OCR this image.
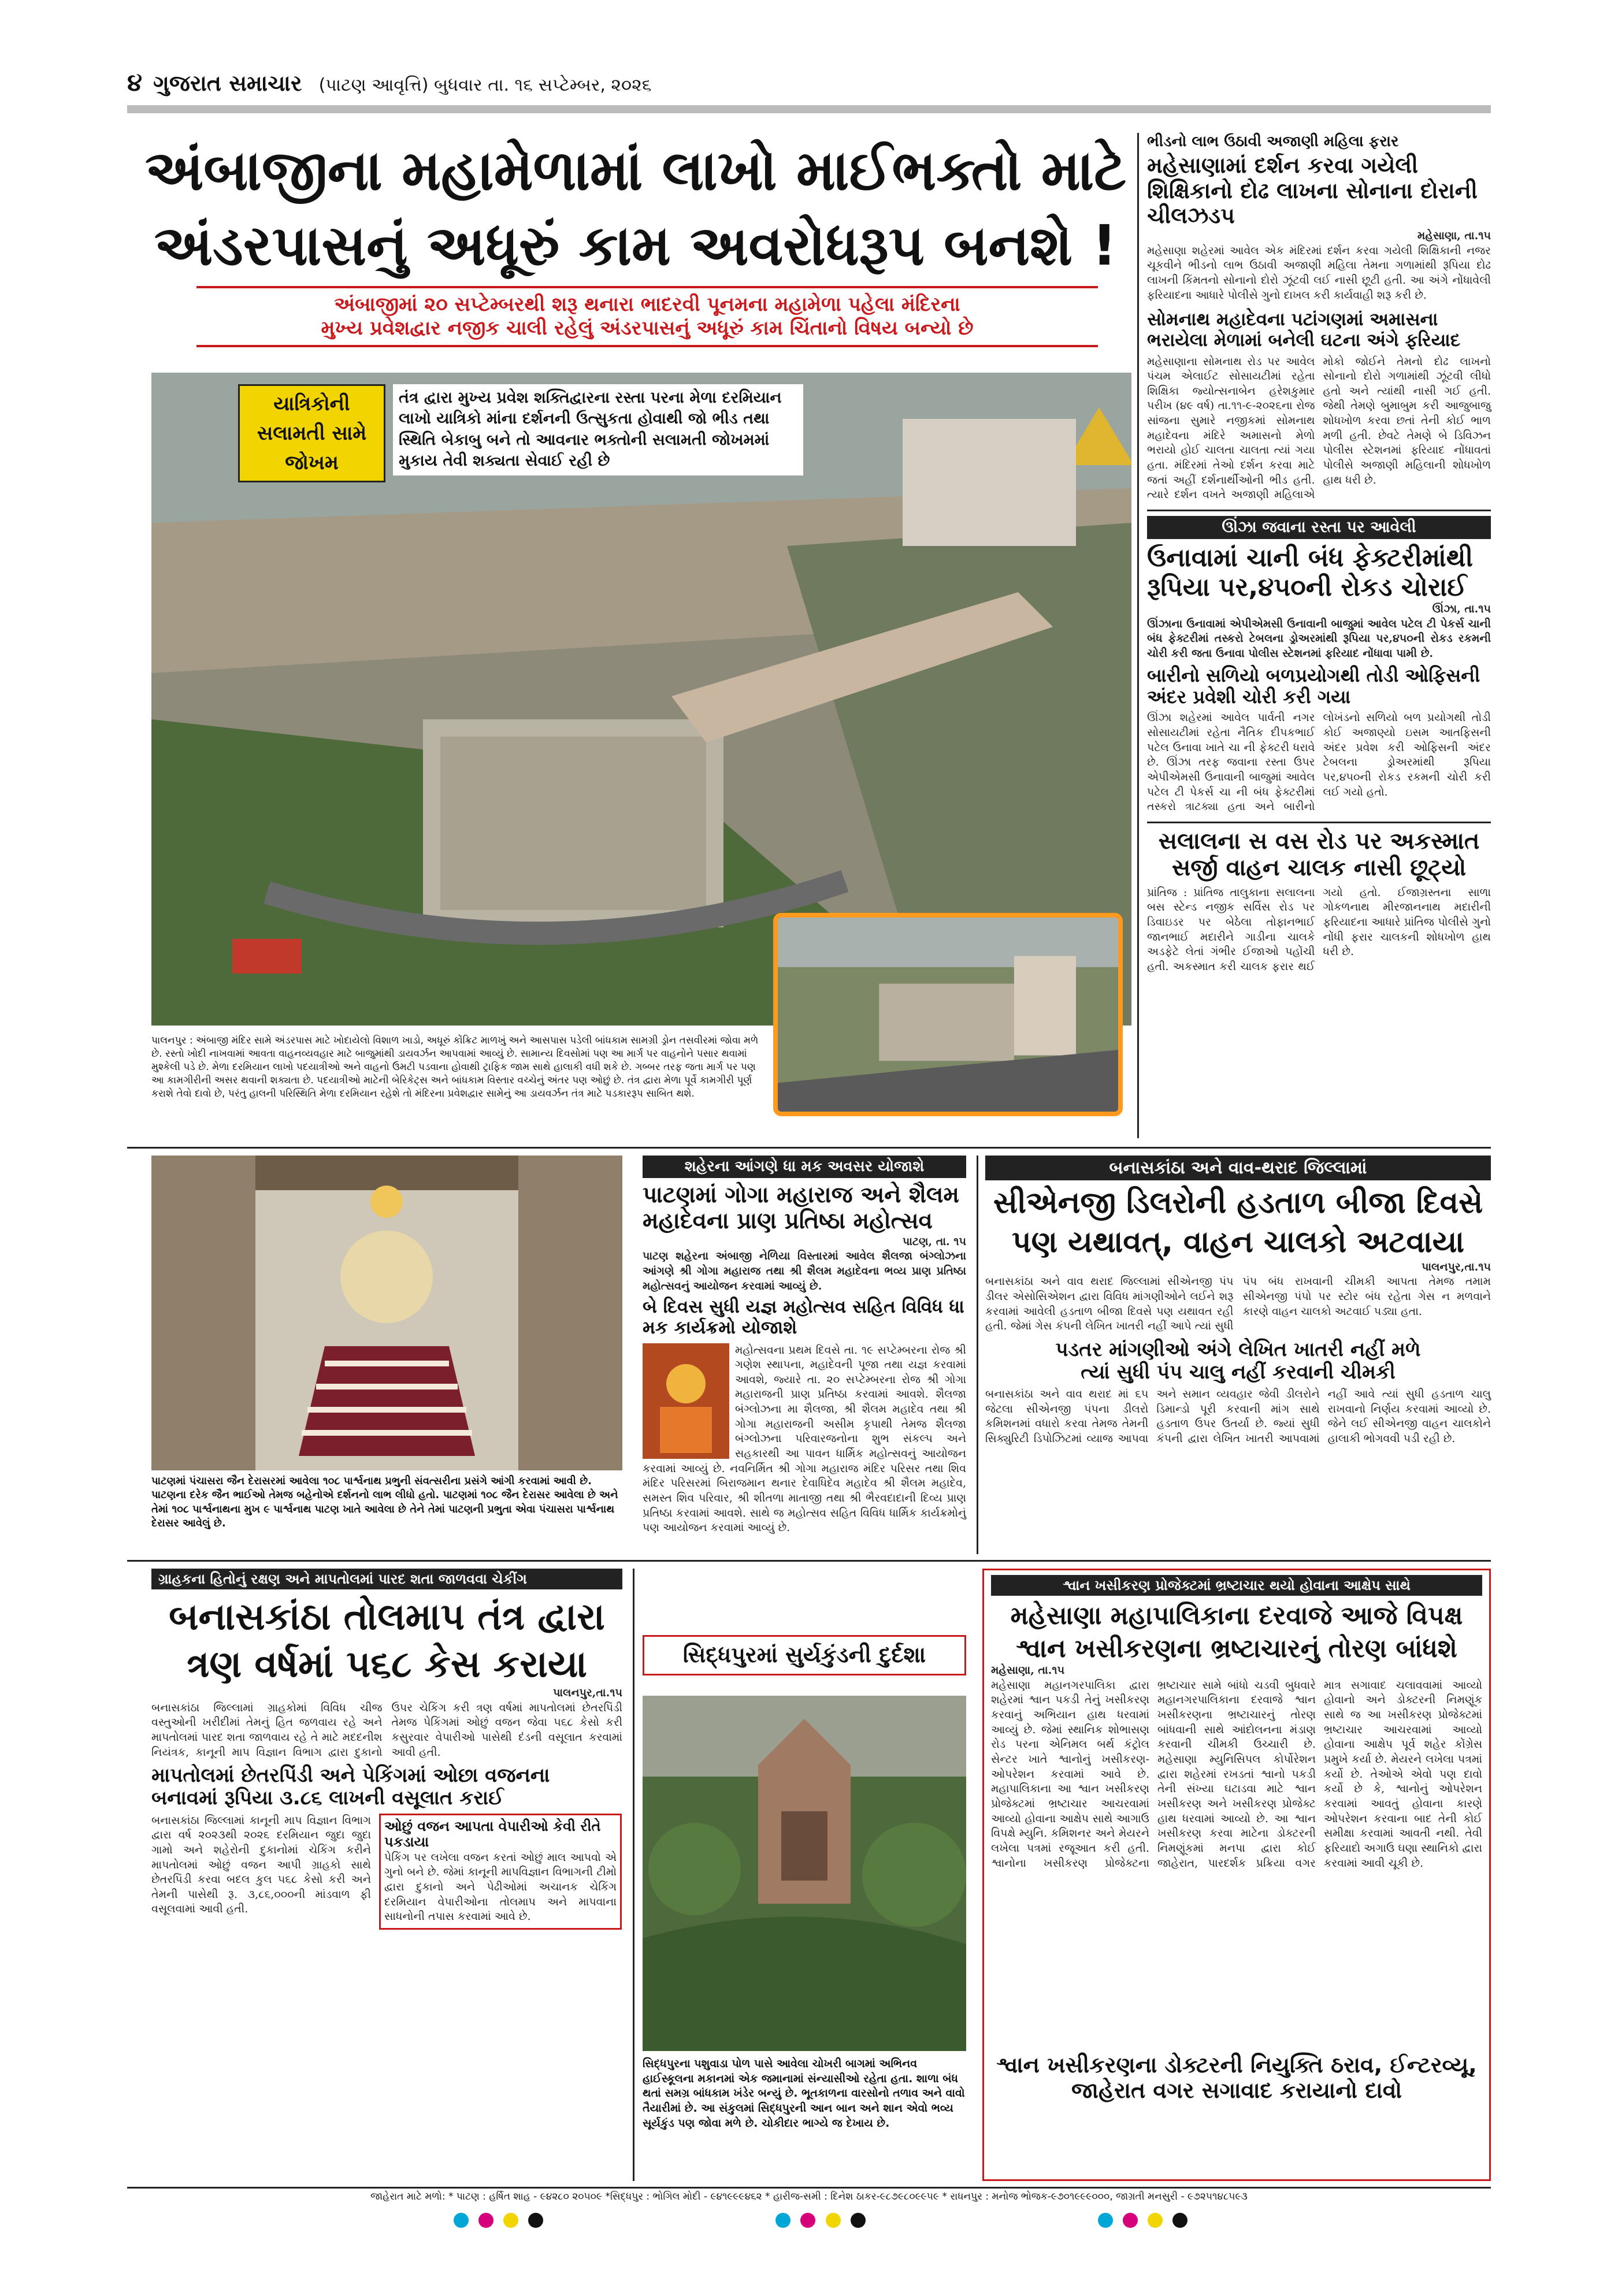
૪ ગુજરાત સમાચાર (પાટણ આવૃત્તિ) બુધવાર તા. ૧૬ સપ્ટેમ્બર, ૨૦૨૬
અંબાજીના મહામેળામાં લાખો માઈભક્તો માટે
અંડરપાસનું અધૂરું કામ અવરોધરૂપ બનશે !
અંબાજીમાં ૨૦ સપ્ટેમ્બરથી શરૂ થનારા ભાદરવી પૂનમના મહામેળા પહેલા મંદિરના
મુખ્ય પ્રવેશદ્વાર નજીક ચાલી રહેલું અંડરપાસનું અધૂરું કામ ચિંતાનો વિષય બન્યો છે
યાત્રિકોની સલામતી સામે જોખમ
તંત્ર દ્વારા મુખ્ય પ્રવેશ શક્તિદ્વારના રસ્તા પરના મેળા દરમિયાન લાખો યાત્રિકો માંના દર્શનની ઉત્સુકતા હોવાથી જો ભીડ તથા સ્થિતિ બેકાબુ બને તો આવનાર ભક્તોની સલામતી જોખમમાં મુકાય તેવી શક્યતા સેવાઈ રહી છે
પાલનપુર : અંબાજી મંદિર સામે અંડરપાસ માટે ખોદાયેલો વિશાળ ખાડો, અધૂરું કોંક્રિટ માળખું અને આસપાસ પડેલી બાંધકામ સામગ્રી ડ્રોન તસવીરમાં જોવા મળે છે. રસ્તો ખોદી નાખવામાં આવતા વાહનવ્યવહાર માટે બાજુમાંથી ડાયવર્ઝન આપવામાં આવ્યું છે. સામાન્ય દિવસોમાં પણ આ માર્ગ પર વાહનોને પસાર થવામાં મુશ્કેલી પડે છે. મેળા દરમિયાન લાખો પદયાત્રીઓ અને વાહનો ઉમટી પડવાના હોવાથી ટ્રાફિક જામ સાથે હાલાકી વધી શકે છે. ગબ્બર તરફ જતા માર્ગ પર પણ આ કામગીરીની અસર થવાની શક્યતા છે. પદયાત્રીઓ માટેની બેરિકેટ્સ અને બાંધકામ વિસ્તાર વચ્ચેનું અંતર પણ ઓછું છે. તંત્ર દ્વારા મેળા પૂર્વે કામગીરી પૂર્ણ કરાશે તેવો દાવો છે, પરંતુ હાલની પરિસ્થિતિ મેળા દરમિયાન રહેશે તો મંદિરના પ્રવેશદ્વાર સામેનું આ ડાયવર્ઝન તંત્ર માટે પડકારરૂપ સાબિત થશે.
ભીડનો લાભ ઉઠાવી અજાણી મહિલા ફરાર
મહેસાણામાં દર્શન કરવા ગયેલી શિક્ષિકાનો દોઢ લાખના સોનાના દોરાની ચીલઝડપ
મહેસાણા, તા.૧૫
મહેસાણા શહેરમાં આવેલ એક મંદિરમાં દર્શન કરવા ગયેલી શિક્ષિકાની નજર ચૂકવીને ભીડનો લાભ ઉઠાવી અજાણી મહિલા તેમના ગળામાંથી રૂપિયા દોઢ લાખની કિંમતનો સોનાનો દોરો ઝૂંટવી લઈ નાસી છૂટી હતી. આ અંગે નોંધાવેલી ફરિયાદના આધારે પોલીસે ગુનો દાખલ કરી કાર્યવાહી શરૂ કરી છે.
સોમનાથ મહાદેવના પટાંગણમાં અમાસના ભરાયેલા મેળામાં બનેલી ઘટના અંગે ફરિયાદ
મહેસાણાના સોમનાથ રોડ પર આવેલ પંચમ એલાઈટ સોસાયટીમાં રહેતા શિક્ષિકા જ્યોત્સનાબેન હરેશકુમાર પરીખ (૪૯ વર્ષ) તા.૧૧-૯-૨૦૨૬ના રોજ સાંજના સુમારે નજીકમાં સોમનાથ મહાદેવના મંદિરે અમાસનો મેળો ભરાયો હોઈ ચાલતા ચાલતા ત્યાં ગયા હતા. મંદિરમાં તેઓ દર્શન કરવા માટે જતાં અહીં દર્શનાર્થીઓની ભીડ હતી. ત્યારે દર્શન વખતે અજાણી મહિલાએ મોકો જોઈને તેમનો દોઢ લાખનો સોનાનો દોરો ગળામાંથી ઝૂંટવી લીધો હતો અને ત્યાંથી નાસી ગઈ હતી. જેથી તેમણે બુમાબુમ કરી આજુબાજુ શોધખોળ કરવા છતાં તેની કોઈ ભાળ મળી હતી. છેવટે તેમણે બે ડિવિઝન પોલીસ સ્ટેશનમાં ફરિયાદ નોંધાવતાં પોલીસે અજાણી મહિલાની શોધખોળ હાથ ધરી છે.
ઊંઝા જવાના રસ્તા પર આવેલી
ઉનાવામાં ચાની બંધ ફેક્ટરીમાંથી રૂપિયા પર,૪૫૦ની રોકડ ચોરાઈ
ઊંઝા, તા.૧૫
ઊંઝાના ઉનાવામાં એપીએમસી ઉનાવાની બાજુમાં આવેલ પટેલ ટી પેકર્સ ચાની બંધ ફેક્ટરીમાં તસ્કરો ટેબલના ડ્રોઅરમાંથી રૂપિયા પર,૪૫૦ની રોકડ રકમની ચોરી કરી જતા ઉનાવા પોલીસ સ્ટેશનમાં ફરિયાદ નોંધાવા પામી છે.
બારીનો સળિયો બળપ્રયોગથી તોડી ઓફિસની અંદર પ્રવેશી ચોરી કરી ગયા
ઊંઝા શહેરમાં આવેલ પાર્વતી નગર સોસાયટીમાં રહેતા નૈતિક દીપકભાઈ પટેલ ઉનાવા ખાતે ચા ની ફેક્ટરી ધરાવે છે. ઊંઝા તરફ જવાના રસ્તા ઉપર એપીએમસી ઉનાવાની બાજુમાં આવેલ પટેલ ટી પેકર્સ ચા ની બંધ ફેક્ટરીમાં તસ્કરો ત્રાટક્યા હતા અને બારીનો લોખંડનો સળિયો બળ પ્રયોગથી તોડી કોઈ અજાણ્યો ઇસમ આતફિસની અંદર પ્રવેશ કરી ઓફિસની અંદર ટેબલના ડ્રોઅરમાંથી રૂપિયા પર,૪૫૦ની રોકડ રકમની ચોરી કરી લઈ ગયો હતો.
સલાલના સ વસ રોડ પર અકસ્માત સર્જી વાહન ચાલક નાસી છૂટ્યો
પ્રાંતિજ : પ્રાંતિજ તાલુકાના સલાલના બસ સ્ટેન્ડ નજીક સર્વિસ રોડ પર ડિવાઇડર પર બેઠેલા તોફાનભાઈ જાનભાઈ મદારીને ગાડીના ચાલકે અડફેટે લેતાં ગંભીર ઈજાઓ પહોંચી હતી. અકસ્માત કરી ચાલક ફરાર થઈ ગયો હતો. ઈજાગ્રસ્તના સાળા ગોકળનાથ મીરજાનનાથ મદારીની ફરિયાદના આધારે પ્રાંતિજ પોલીસે ગુનો નોંધી ફરાર ચાલકની શોધખોળ હાથ ધરી છે.
પાટણમાં પંચાસરા જૈન દેરાસરમાં આવેલા ૧૦૮ પાર્શ્વનાથ પ્રભુની સંવત્સરીના પ્રસંગે આંગી કરવામાં આવી છે. પાટણના દરેક જૈન ભાઈઓ તેમજ બહેનોએ દર્શનનો લાભ લીધો હતો. પાટણમાં ૧૦૮ જૈન દેરાસર આવેલા છે અને તેમાં ૧૦૮ પાર્શ્વનાથના મુખ ૯ પાર્શ્વનાથ પાટણ ખાતે આવેલા છે તેને તેમાં પાટણની પ્રભુતા એવા પંચાસરા પાર્શ્વનાથ દેરાસર આવેલું છે.
શહેરના આંગણે ધા મક અવસર યોજાશે
પાટણમાં ગોગા મહારાજ અને શૈલમ મહાદેવના પ્રાણ પ્રતિષ્ઠા મહોત્સવ
પાટણ, તા. ૧૫
પાટણ શહેરના અંબાજી નેળિયા વિસ્તારમાં આવેલ શૈલજા બંગ્લોઝના આંગણે શ્રી ગોગા મહારાજ તથા શ્રી શૈલમ મહાદેવના ભવ્ય પ્રાણ પ્રતિષ્ઠા મહોત્સવનું આયોજન કરવામાં આવ્યું છે.
બે દિવસ સુધી યજ્ઞ મહોત્સવ સહિત વિવિધ ધા મક કાર્યક્રમો યોજાશે
મહોત્સવના પ્રથમ દિવસે તા. ૧૯ સપ્ટેમ્બરના રોજ શ્રી ગણેશ સ્થાપના, મહાદેવની પૂજા તથા યજ્ઞ કરવામાં આવશે, જ્યારે તા. ૨૦ સપ્ટેમ્બરના રોજ શ્રી ગોગા મહારાજની પ્રાણ પ્રતિષ્ઠા કરવામાં આવશે. શૈલજા બંગ્લોઝના મા શૈલજા, શ્રી શૈલમ મહાદેવ તથા શ્રી ગોગા મહારાજની અસીમ કૃપાથી તેમજ શૈલજા બંગ્લોઝના પરિવારજનોના શુભ સંકલ્પ અને સહકારથી આ પાવન ધાર્મિક મહોત્સવનું આયોજન કરવામાં આવ્યું છે. નવનિર્મિત શ્રી ગોગા મહારાજ મંદિર પરિસર તથા શિવ મંદિર પરિસરમાં બિરાજમાન થનાર દેવાધિદેવ મહાદેવ શ્રી શૈલમ મહાદેવ, સમસ્ત શિવ પરિવાર, શ્રી શીતળા માતાજી તથા શ્રી ભૈરવદાદાની દિવ્ય પ્રાણ પ્રતિષ્ઠા કરવામાં આવશે. સાથે જ મહોત્સવ સહિત વિવિધ ધાર્મિક કાર્યક્રમોનું પણ આયોજન કરવામાં આવ્યું છે.
બનાસકાંઠા અને વાવ-થરાદ જિલ્લામાં
સીએનજી ડિલરોની હડતાળ બીજા દિવસે
પણ યથાવત્, વાહન ચાલકો અટવાયા
પાલનપુર,તા.૧૫
બનાસકાંઠા અને વાવ થરાદ જિલ્લામાં સીએનજી પંપ ડીલર એસોસિએશન દ્વારા વિવિધ માંગણીઓને લઈને શરૂ કરવામાં આવેલી હડતાળ બીજા દિવસે પણ યથાવત રહી હતી. જેમાં ગેસ કંપની લેખિત ખાતરી નહીં આપે ત્યાં સુધી પંપ બંધ રાખવાની ચીમકી આપતા તેમજ તમામ સીએનજી પંપો પર સ્ટોર બંધ રહેતા ગેસ ન મળવાને કારણે વાહન ચાલકો અટવાઈ પડ્યા હતા.
પડતર માંગણીઓ અંગે લેખિત ખાતરી નહીં મળે
ત્યાં સુધી પંપ ચાલુ નહીં કરવાની ચીમકી
બનાસકાંઠા અને વાવ થરાદ માં ૬૫ જેટલા સીએનજી પંપના ડીલરો કમિશનમાં વધારો કરવા તેમજ તેમની સિક્યુરિટી ડિપોઝિટમાં વ્યાજ આપવા અને સમાન વ્યવહાર જેવી ડીલરોને ડિમાન્ડો પૂરી કરવાની માંગ સાથે હડતાળ ઉપર ઉતર્યા છે. જ્યાં સુધી કંપની દ્વારા લેખિત ખાતરી આપવામાં નહીં આવે ત્યાં સુધી હડતાળ ચાલુ રાખવાનો નિર્ણય કરવામાં આવ્યો છે. જેને લઈ સીએનજી વાહન ચાલકોને હાલાકી ભોગવવી પડી રહી છે.
ગ્રાહકના હિતોનું રક્ષણ અને માપતોલમાં પારદ શતા જાળવવા ચેકીંગ
બનાસકાંઠા તોલમાપ તંત્ર દ્વારા
ત્રણ વર્ષમાં ૫૬૮ કેસ કરાયા
પાલનપુર,તા.૧૫
બનાસકાંઠા જિલ્લામાં ગ્રાહકોમાં વિવિધ ચીજ વસ્તુઓની ખરીદીમાં તેમનું હિત જળવાય રહે અને માપતોલમાં પારદ શતા જાળવાય રહે તે માટે મદદનીશ નિયંત્રક, કાનૂની માપ વિજ્ઞાન વિભાગ દ્વારા દુકાનો ઉપર ચેકિંગ કરી ત્રણ વર્ષમાં માપતોલમાં છેતરપિંડી તેમજ પેકિંગમાં ઓછું વજન જેવા ૫૬૮ કેસો કરી કસુરવાર વેપારીઓ પાસેથી દંડની વસૂલાત કરવામાં આવી હતી.
માપતોલમાં છેતરપિંડી અને પેકિંગમાં ઓછા વજનના
બનાવમાં રૂપિયા ૩.૮૬ લાખની વસૂલાત કરાઈ
બનાસકાંઠા જિલ્લામાં કાનૂની માપ વિજ્ઞાન વિભાગ દ્વારા વર્ષ ૨૦૨૩થી ૨૦૨૬ દરમિયાન જુદા જુદા ગામો અને શહેરોની દુકાનોમાં ચેકિંગ કરીને માપતોલમાં ઓછું વજન આપી ગ્રાહકો સાથે છેતરપિંડી કરવા બદલ કુલ ૫૬૮ કેસો કરી અને તેમની પાસેથી રૂ. ૩,૮૬,૦૦૦ની માંડવાળ ફી વસૂલવામાં આવી હતી.
ઓછું વજન આપતા વેપારીઓ કેવી રીતે પકડાયા
પેકિંગ પર લખેલા વજન કરતાં ઓછું માલ આપવો એ ગુનો બને છે. જેમાં કાનૂની માપવિજ્ઞાન વિભાગની ટીમો દ્વારા દુકાનો અને પેઢીઓમાં અચાનક ચેકિંગ દરમિયાન વેપારીઓના તોલમાપ અને માપવાના સાધનોની તપાસ કરવામાં આવે છે.
સિદ્ધપુરમાં સુર્યકુંડની દુર્દશા
સિદ્ધપુરના પશુવાડા પોળ પાસે આવેલા ચોખરી બાગમાં અભિનવ હાઈસ્કૂલના મકાનમાં એક જમાનામાં સંન્યાસીઓ રહેતા હતા. શાળા બંધ થતાં સમગ્ર બાંધકામ ખંડેર બન્યું છે. ભૂતકાળના વારસોનો તળાવ અને વાવો તૈયારીમાં છે. આ સંકુલમાં સિદ્ધપુરની આન બાન અને શાન એવો ભવ્ય સૂર્યકુંડ પણ જોવા મળે છે. ચોકીદાર ભાગ્યે જ દેખાય છે.
શ્વાન ખસીકરણ પ્રોજેક્ટમાં ભ્રષ્ટાચાર થયો હોવાના આક્ષેપ સાથે
મહેસાણા મહાપાલિકાના દરવાજે આજે વિપક્ષ
શ્વાન ખસીકરણના ભ્રષ્ટાચારનું તોરણ બાંધશે
મહેસાણા, તા.૧૫
મહેસાણા મહાનગરપાલિકા દ્વારા શહેરમાં શ્વાન પકડી તેનું ખસીકરણ કરવાનું અભિયાન હાથ ધરવામાં આવ્યું છે. જેમાં સ્થાનિક શોભાસણ રોડ પરના એનિમલ બર્થ કંટ્રોલ સેન્ટર ખાતે શ્વાનોનું ખસીકરણ-ઓપરેશન કરવામાં આવે છે. મહાપાલિકાના આ શ્વાન ખસીકરણ પ્રોજેક્ટમાં ભ્રષ્ટાચાર આચરવામાં આવ્યો હોવાના આક્ષેપ સાથે આગાઉ વિપક્ષે મ્યુનિ. કમિશનર અને મેયરને લખેલા પત્રમાં રજૂઆત કરી હતી. શ્વાનોના ખસીકરણ પ્રોજેક્ટના ભ્રષ્ટાચાર સામે બાંધો ચડવી બુધવારે મહાનગરપાલિકાના દરવાજે શ્વાન ખસીકરણના ભ્રષ્ટાચારનું તોરણ બાંધવાની સાથે આંદોલનના મંડાણ કરવાની ચીમકી ઉચ્ચારી છે. મહેસાણા મ્યુનિસિપલ કોર્પોરેશન દ્વારા શહેરમાં રખડતાં શ્વાનો પકડી તેની સંખ્યા ઘટાડવા માટે શ્વાન ખસીકરણ અને ખસીકરણ પ્રોજેક્ટ હાથ ધરવામાં આવ્યો છે. આ શ્વાન ખસીકરણ કરવા માટેના ડોક્ટરની નિમણૂંકમાં મનપા દ્વારા કોઈ જાહેરાત, પારદર્શક પ્રક્રિયા વગર માત્ર સગાવાદ ચલાવવામાં આવ્યો હોવાનો અને ડોક્ટરની નિમણૂંક સાથે જ આ ખસીકરણ પ્રોજેક્ટમાં ભ્રષ્ટાચાર આચરવામાં આવ્યો હોવાના આક્ષેપ પૂર્વ શહેર કોંગ્રેસ પ્રમુખે કર્યા છે. મેયરને લખેલા પત્રમાં કર્યો છે. તેઓએ એવો પણ દાવો કર્યો છે કે, શ્વાનોનું ઓપરેશન કરવામાં આવતું હોવાના કારણે ઓપરેશન કરવાના બાદ તેની કોઈ સમીક્ષા કરવામાં આવતી નથી. તેવી ફરિયાદો અગાઉ ઘણા સ્થાનિકો દ્વારા કરવામાં આવી ચૂકી છે.
શ્વાન ખસીકરણના ડોક્ટરની નિયુક્તિ ઠરાવ, ઈન્ટરવ્યૂ, જાહેરાત વગર સગાવાદ કરાયાનો દાવો
જાહેરાત માટે મળો: * પાટણ : હર્ષિત શાહ - ૯૪૨૮૦ ૨૦૫૦૯ *સિદ્ધપુર : ભોગિલ મોદી - ૯૪૧૯૯૯૪૬૨ * હારીજ-સમી : દિનેશ ઠાકર-૯૮૭૯૮૦૯૯૫૯ * રાધનપુર : મનોજ ભોજક-૯૭૦૧૯૯૯૦૦૦, જાગ્રતી મનસુરી - ૯૭૨૫૧૪૮૫૯૩
